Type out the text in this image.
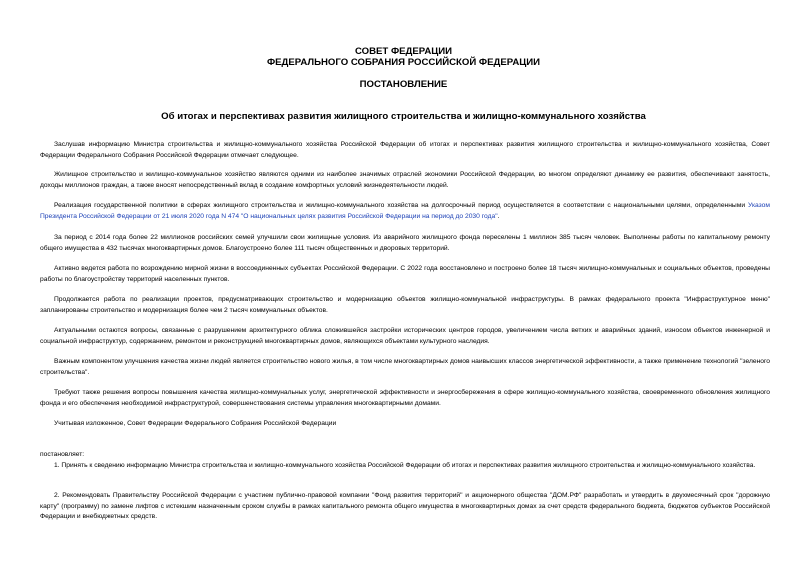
СОВЕТ ФЕДЕРАЦИИ

ФЕДЕРАЛЬНОГО СОБРАНИЯ РОССИЙСКОЙ ФЕДЕРАЦИИ

ПОСТАНОВЛЕНИЕ

Об итогах и перспективах развития жилищного строительства и жилищно-коммунального хозяйства

Заслушав информацию Министра строительства и жилищно-коммунального хозяйства Российской Федерации об итогах и перспективах развития жилищного строительства и жилищно-коммунального хозяйства, Совет Федерации Федерального Собрания Российской Федерации отмечает следующее.

Жилищное строительство и жилищно-коммунальное хозяйство являются одними из наиболее значимых отраслей экономики Российской Федерации, во многом определяют динамику ее развития, обеспечивают занятость, доходы миллионов граждан, а также вносят непосредственный вклад в создание комфортных условий жизнедеятельности людей.

Реализация государственной политики в сферах жилищного строительства и жилищно-коммунального хозяйства на долгосрочный период осуществляется в соответствии с национальными целями, определенными Указом Президента Российской Федерации от 21 июля 2020 года N 474 "О национальных целях развития Российской Федерации на период до 2030 года".

За период с 2014 года более 22 миллионов российских семей улучшили свои жилищные условия. Из аварийного жилищного фонда переселены 1 миллион 385 тысяч человек. Выполнены работы по капитальному ремонту общего имущества в 432 тысячах многоквартирных домов. Благоустроено более 111 тысяч общественных и дворовых территорий.

Активно ведется работа по возрождению мирной жизни в воссоединенных субъектах Российской Федерации. С 2022 года восстановлено и построено более 18 тысяч жилищно-коммунальных и социальных объектов, проведены работы по благоустройству территорий населенных пунктов.

Продолжается работа по реализации проектов, предусматривающих строительство и модернизацию объектов жилищно-коммунальной инфраструктуры. В рамках федерального проекта "Инфраструктурное меню" запланированы строительство и модернизация более чем 2 тысяч коммунальных объектов.

Актуальными остаются вопросы, связанные с разрушением архитектурного облика сложившейся застройки исторических центров городов, увеличением числа ветхих и аварийных зданий, износом объектов инженерной и социальной инфраструктур, содержанием, ремонтом и реконструкцией многоквартирных домов, являющихся объектами культурного наследия.

Важным компонентом улучшения качества жизни людей является строительство нового жилья, в том числе многоквартирных домов наивысших классов энергетической эффективности, а также применение технологий "зеленого строительства".

Требуют также решения вопросы повышения качества жилищно-коммунальных услуг, энергетической эффективности и энергосбережения в сфере жилищно-коммунального хозяйства, своевременного обновления жилищного фонда и его обеспечения необходимой инфраструктурой, совершенствования системы управления многоквартирными домами.

Учитывая изложенное, Совет Федерации Федерального Собрания Российской Федерации

постановляет:

1. Принять к сведению информацию Министра строительства и жилищно-коммунального хозяйства Российской Федерации об итогах и перспективах развития жилищного строительства и жилищно-коммунального хозяйства.

2. Рекомендовать Правительству Российской Федерации с участием публично-правовой компании "Фонд развития территорий" и акционерного общества "ДОМ.РФ" разработать и утвердить в двухмесячный срок "дорожную карту" (программу) по замене лифтов с истекшим назначенным сроком службы в рамках капитального ремонта общего имущества в многоквартирных домах за счет средств федерального бюджета, бюджетов субъектов Российской Федерации и внебюджетных средств.
